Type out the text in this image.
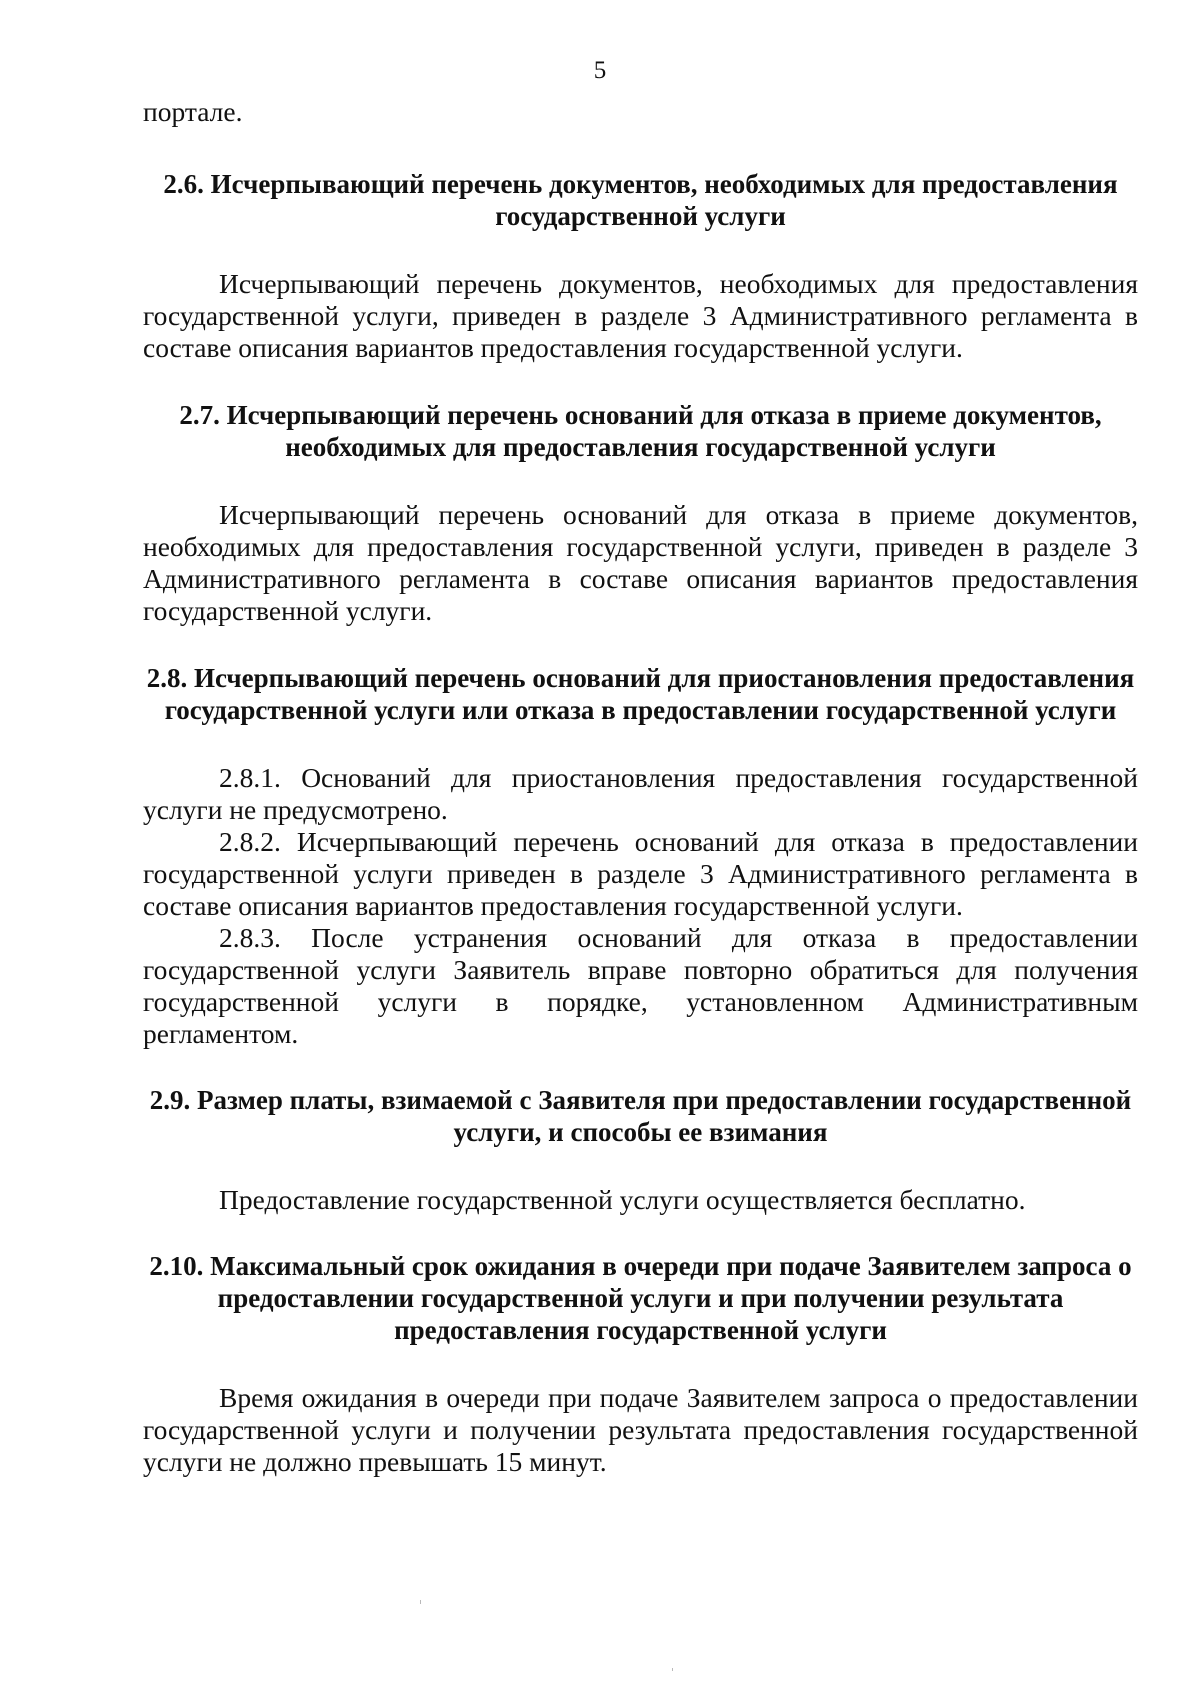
5

портале.

2.6. Исчерпывающий перечень документов, необходимых для предоставления государственной услуги

Исчерпывающий перечень документов, необходимых для предоставления государственной услуги, приведен в разделе 3 Административного регламента в составе описания вариантов предоставления государственной услуги.

2.7. Исчерпывающий перечень оснований для отказа в приеме документов, необходимых для предоставления государственной услуги

Исчерпывающий перечень оснований для отказа в приеме документов, необходимых для предоставления государственной услуги, приведен в разделе 3 Административного регламента в составе описания вариантов предоставления государственной услуги.

2.8. Исчерпывающий перечень оснований для приостановления предоставления государственной услуги или отказа в предоставлении государственной услуги

2.8.1. Оснований для приостановления предоставления государственной услуги не предусмотрено.

2.8.2. Исчерпывающий перечень оснований для отказа в предоставлении государственной услуги приведен в разделе 3 Административного регламента в составе описания вариантов предоставления государственной услуги.

2.8.3. После устранения оснований для отказа в предоставлении государственной услуги Заявитель вправе повторно обратиться для получения государственной услуги в порядке, установленном Административным регламентом.

2.9. Размер платы, взимаемой с Заявителя при предоставлении государственной услуги, и способы ее взимания

Предоставление государственной услуги осуществляется бесплатно.

2.10. Максимальный срок ожидания в очереди при подаче Заявителем запроса о предоставлении государственной услуги и при получении результата предоставления государственной услуги

Время ожидания в очереди при подаче Заявителем запроса о предоставлении государственной услуги и получении результата предоставления государственной услуги не должно превышать 15 минут.
